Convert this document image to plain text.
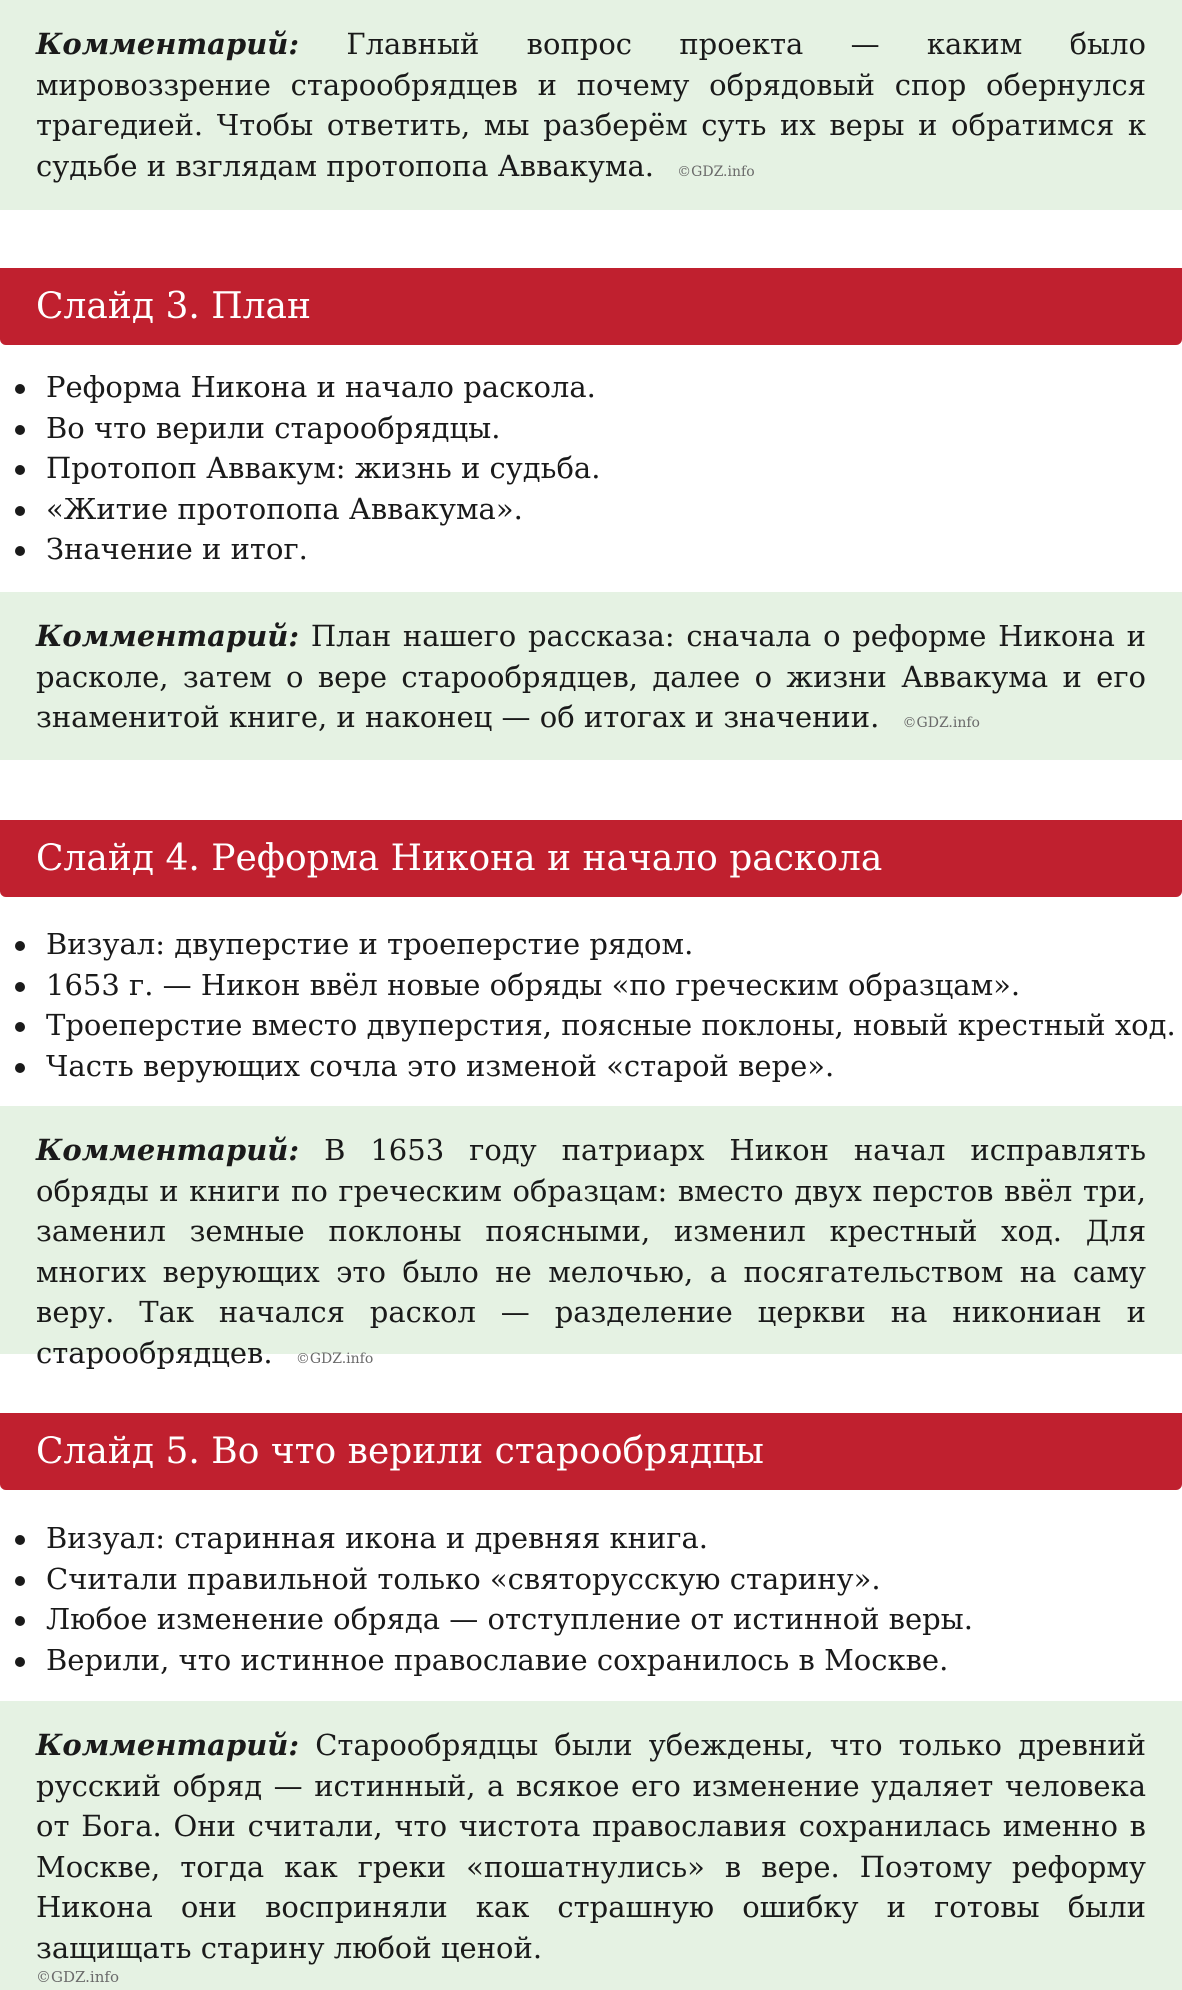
Комментарий: Главный вопрос проекта — каким было мировоззрение старообрядцев и почему обрядовый спор обернулся трагедией. Чтобы ответить, мы разберём суть их веры и обратимся к судьбе и взглядам протопопа Аввакума. ©GDZ.info
Слайд 3. План
Реформа Никона и начало раскола.
Во что верили старообрядцы.
Протопоп Аввакум: жизнь и судьба.
«Житие протопопа Аввакума».
Значение и итог.
Комментарий: План нашего рассказа: сначала о реформе Никона и расколе, затем о вере старообрядцев, далее о жизни Аввакума и его знаменитой книге, и наконец — об итогах и значении. ©GDZ.info
Слайд 4. Реформа Никона и начало раскола
Визуал: двуперстие и троеперстие рядом.
1653 г. — Никон ввёл новые обряды «по греческим образцам».
Троеперстие вместо двуперстия, поясные поклоны, новый крестный ход.
Часть верующих сочла это изменой «старой вере».
Комментарий: В 1653 году патриарх Никон начал исправлять обряды и книги по греческим образцам: вместо двух перстов ввёл три, заменил земные поклоны поясными, изменил крестный ход. Для многих верующих это было не мелочью, а посягательством на саму веру. Так начался раскол — разделение церкви на никониан и старообрядцев. ©GDZ.info
Слайд 5. Во что верили старообрядцы
Визуал: старинная икона и древняя книга.
Считали правильной только «святорусскую старину».
Любое изменение обряда — отступление от истинной веры.
Верили, что истинное православие сохранилось в Москве.
Комментарий: Старообрядцы были убеждены, что только древний русский обряд — истинный, а всякое его изменение удаляет человека от Бога. Они считали, что чистота православия сохранилась именно в Москве, тогда как греки «пошатнулись» в вере. Поэтому реформу Никона они восприняли как страшную ошибку и готовы были защищать старину любой ценой.
©GDZ.info
